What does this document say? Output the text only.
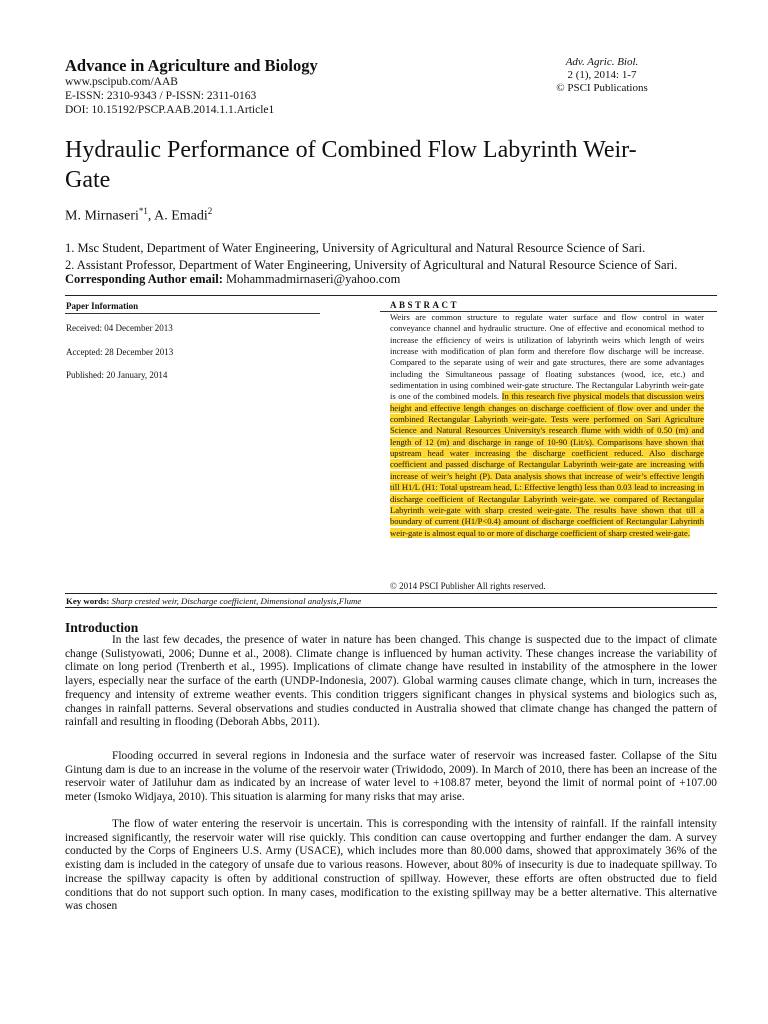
Advance in Agriculture and Biology
www.pscipub.com/AAB
E-ISSN: 2310-9343 / P-ISSN: 2311-0163
DOI: 10.15192/PSCP.AAB.2014.1.1.Article1
Adv. Agric. Biol.
2 (1), 2014: 1-7
© PSCI Publications
Hydraulic Performance of Combined Flow Labyrinth Weir-
Gate
M. Mirnaseri$^{*1}$, A. Emadi$^2$
1. Msc Student, Department of Water Engineering, University of Agricultural and Natural Resource Science of Sari.
2. Assistant Professor, Department of Water Engineering, University of Agricultural and Natural Resource Science of Sari.
Corresponding Author email: Mohammadmirnaseri@yahoo.com
Paper Information
Received: 04 December 2013
Accepted: 28 December 2013
Published: 20 January, 2014
ABSTRACT

Weirs are common structure to regulate water surface and flow control in water conveyance channel and hydraulic structure. One of effective and economical method to increase the efficiency of weirs is utilization of labyrinth weirs which length of weirs increase with modification of plan form and therefore flow discharge will be increase. Compared to the separate using of weir and gate structures, there are some advantages including the Simultaneous passage of floating substances (wood, ice, etc.) and sedimentation in using combined weir-gate structure. The Rectangular Labyrinth weir-gate is one of the combined models. In this research five physical models that discussion weirs height and effective length changes on discharge coefficient of flow over and under the combined Rectangular Labyrinth weir-gate. Tests were performed on Sari Agriculture Science and Natural Resources University's research flume with width of 0.50 (m) and length of 12 (m) and discharge in range of 10-90 (Lit/s). Comparisons have shown that upstream head water increasing the discharge coefficient reduced. Also discharge coefficient and passed discharge of Rectangular Labyrinth weir-gate are increasing with increase of weir’s height (P). Data analysis shows that increase of weir’s effective length till H1/L (H1: Total upstream head, L: Effective length) less than 0.03 lead to increasing in discharge coefficient of Rectangular Labyrinth weir-gate. we compared of Rectangular Labyrinth weir-gate with sharp crested weir-gate. The results have shown that till a boundary of current (H1/P<0.4) amount of discharge coefficient of Rectangular Labyrinth weir-gate is almost equal to or more of discharge coefficient of sharp crested weir-gate.

© 2014 PSCI Publisher All rights reserved.
Key words: Sharp crested weir, Discharge coefficient, Dimensional analysis,Flume
Introduction

In the last few decades, the presence of water in nature has been changed. This change is suspected due to the impact of climate change (Sulistyowati, 2006; Dunne et al., 2008). Climate change is influenced by human activity. These changes increase the variability of climate on long period (Trenberth et al., 1995). Implications of climate change have resulted in instability of the atmosphere in the lower layers, especially near the surface of the earth (UNDP-Indonesia, 2007). Global warming causes climate change, which in turn, increases the frequency and intensity of extreme weather events. This condition triggers significant changes in physical systems and biologics such as, changes in rainfall patterns. Several observations and studies conducted in Australia showed that climate change has changed the pattern of rainfall and resulting in flooding (Deborah Abbs, 2011).

Flooding occurred in several regions in Indonesia and the surface water of reservoir was increased faster. Collapse of the Situ Gintung dam is due to an increase in the volume of the reservoir water (Triwidodo, 2009). In March of 2010, there has been an increase of the reservoir water of Jatiluhur dam as indicated by an increase of water level to +108.87 meter, beyond the limit of normal point of +107.00 meter (Ismoko Widjaya, 2010). This situation is alarming for many risks that may arise.

The flow of water entering the reservoir is uncertain. This is corresponding with the intensity of rainfall. If the rainfall intensity increased significantly, the reservoir water will rise quickly. This condition can cause overtopping and further endanger the dam. A survey conducted by the Corps of Engineers U.S. Army (USACE), which includes more than 80.000 dams, showed that approximately 36% of the existing dam is included in the category of unsafe due to various reasons. However, about 80% of insecurity is due to inadequate spillway. To increase the spillway capacity is often by additional construction of spillway. However, these efforts are often obstructed due to field conditions that do not support such option. In many cases, modification to the existing spillway may be a better alternative. This alternative was chosen
